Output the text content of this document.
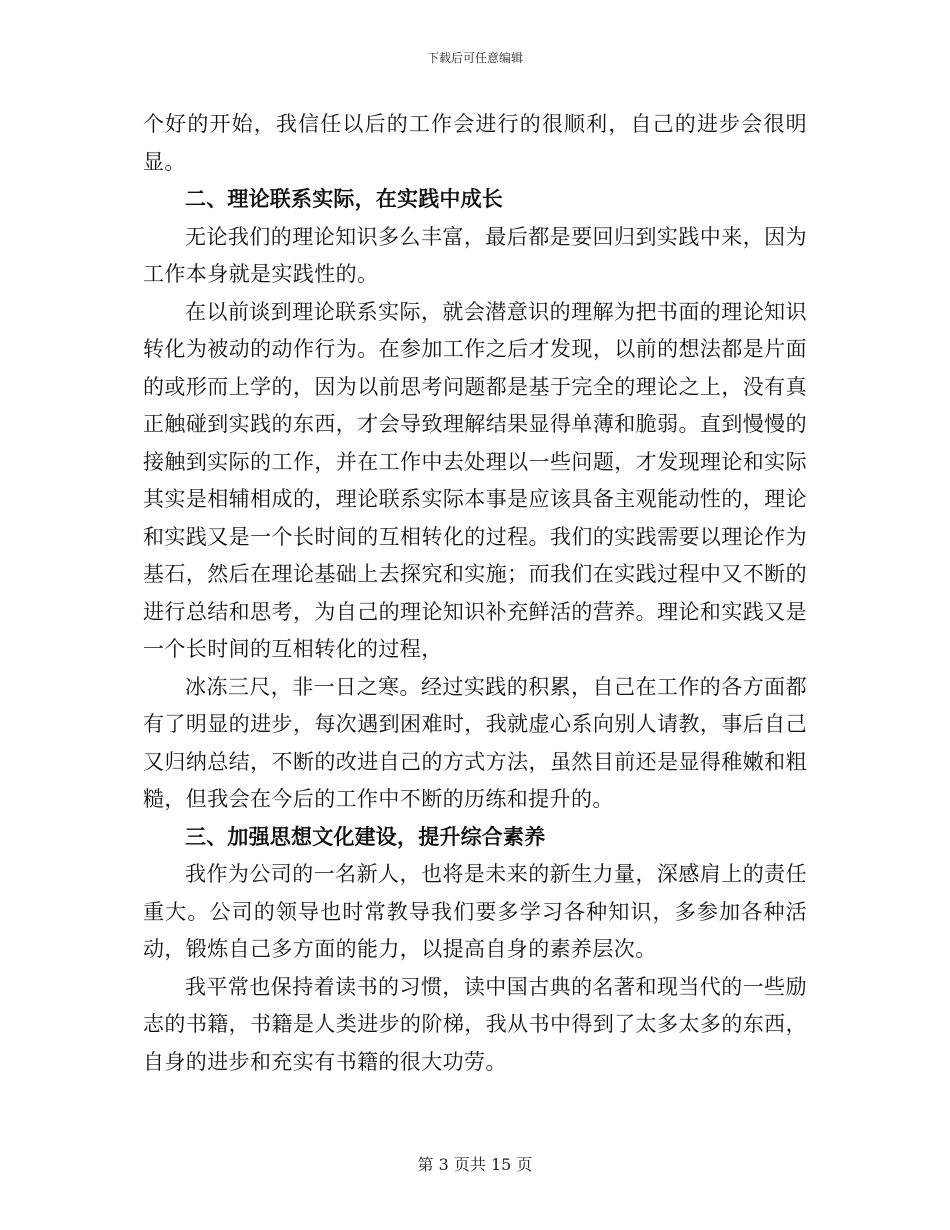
下载后可任意编辑

个好的开始，我信任以后的工作会进行的很顺利，自己的进步会很明显。

二、理论联系实际，在实践中成长

无论我们的理论知识多么丰富，最后都是要回归到实践中来，因为工作本身就是实践性的。

在以前谈到理论联系实际，就会潜意识的理解为把书面的理论知识转化为被动的动作行为。在参加工作之后才发现，以前的想法都是片面的或形而上学的，因为以前思考问题都是基于完全的理论之上，没有真正触碰到实践的东西，才会导致理解结果显得单薄和脆弱。直到慢慢的接触到实际的工作，并在工作中去处理以一些问题，才发现理论和实际其实是相辅相成的，理论联系实际本事是应该具备主观能动性的，理论和实践又是一个长时间的互相转化的过程。我们的实践需要以理论作为基石，然后在理论基础上去探究和实施；而我们在实践过程中又不断的进行总结和思考，为自己的理论知识补充鲜活的营养。理论和实践又是一个长时间的互相转化的过程，

冰冻三尺，非一日之寒。经过实践的积累，自己在工作的各方面都有了明显的进步，每次遇到困难时，我就虚心系向别人请教，事后自己又归纳总结，不断的改进自己的方式方法，虽然目前还是显得稚嫩和粗糙，但我会在今后的工作中不断的历练和提升的。

三、加强思想文化建设，提升综合素养

我作为公司的一名新人，也将是未来的新生力量，深感肩上的责任重大。公司的领导也时常教导我们要多学习各种知识，多参加各种活动，锻炼自己多方面的能力，以提高自身的素养层次。

我平常也保持着读书的习惯，读中国古典的名著和现当代的一些励志的书籍，书籍是人类进步的阶梯，我从书中得到了太多太多的东西，自身的进步和充实有书籍的很大功劳。

第 3 页共 15 页
